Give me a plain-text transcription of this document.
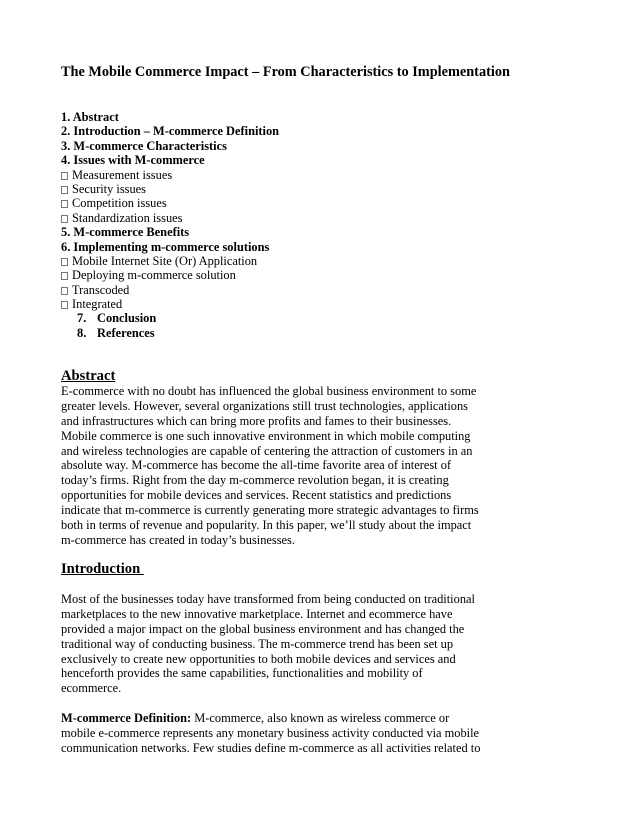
The Mobile Commerce Impact – From Characteristics to Implementation
1. Abstract
2. Introduction – M-commerce Definition
3. M-commerce Characteristics
4. Issues with M-commerce
Measurement issues
Security issues
Competition issues
Standardization issues
5. M-commerce Benefits
6. Implementing m-commerce solutions
Mobile Internet Site (Or) Application
Deploying m-commerce solution
Transcoded
Integrated
7. Conclusion
8. References
Abstract
E-commerce with no doubt has influenced the global business environment to some
greater levels. However, several organizations still trust technologies, applications
and infrastructures which can bring more profits and fames to their businesses.
Mobile commerce is one such innovative environment in which mobile computing
and wireless technologies are capable of centering the attraction of customers in an
absolute way. M-commerce has become the all-time favorite area of interest of
today’s firms. Right from the day m-commerce revolution began, it is creating
opportunities for mobile devices and services. Recent statistics and predictions
indicate that m-commerce is currently generating more strategic advantages to firms
both in terms of revenue and popularity. In this paper, we’ll study about the impact
m-commerce has created in today’s businesses.
Introduction
Most of the businesses today have transformed from being conducted on traditional
marketplaces to the new innovative marketplace. Internet and ecommerce have
provided a major impact on the global business environment and has changed the
traditional way of conducting business. The m-commerce trend has been set up
exclusively to create new opportunities to both mobile devices and services and
henceforth provides the same capabilities, functionalities and mobility of
ecommerce.
M-commerce Definition: M-commerce, also known as wireless commerce or
mobile e-commerce represents any monetary business activity conducted via mobile
communication networks. Few studies define m-commerce as all activities related to
